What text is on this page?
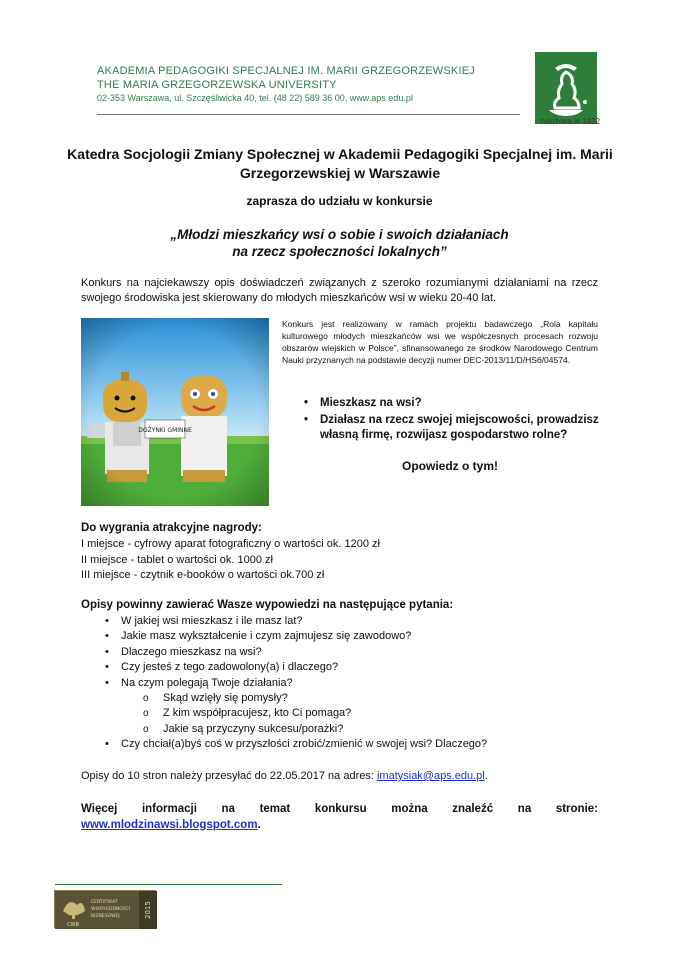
AKADEMIA PEDAGOGIKI SPECJALNEJ IM. MARII GRZEGORZEWSKIEJ
THE MARIA GRZEGORZEWSKA UNIVERSITY
02-353 Warszawa, ul. Szczęśliwicka 40, tel. (48 22) 589 36 00, www.aps.edu.pl
założona w 1922
Katedra Socjologii Zmiany Społecznej w Akademii Pedagogiki Specjalnej im. Marii Grzegorzewskiej w Warszawie
zaprasza do udziału w konkursie
„Młodzi mieszkańcy wsi o sobie i swoich działaniach
na rzecz społeczności lokalnych”

Konkurs na najciekawszy opis doświadczeń związanych z szeroko rozumianymi działaniami na rzecz swojego środowiska jest skierowany do młodych mieszkańców wsi w wieku 20-40 lat.

Konkurs jest realizowany w ramach projektu badawczego „Rola kapitału kulturowego młodych mieszkańców wsi we współczesnych procesach rozwoju obszarów wiejskich w Polsce”, sfinansowanego ze środków Narodowego Centrum Nauki przyznanych na podstawie decyzji numer DEC-2013/11/D/HS6/04574.

• Mieszkasz na wsi?
• Działasz na rzecz swojej miejscowości, prowadzisz własną firmę, rozwijasz gospodarstwo rolne?
Opowiedz o tym!
Do wygrania atrakcyjne nagrody:
I miejsce - cyfrowy aparat fotograficzny o wartości ok. 1200 zł
II miejsce - tablet o wartości ok. 1000 zł
III miejsce - czytnik e-booków o wartości ok.700 zł
Opisy powinny zawierać Wasze wypowiedzi na następujące pytania:
• W jakiej wsi mieszkasz i ile masz lat?
• Jakie masz wykształcenie i czym zajmujesz się zawodowo?
• Dlaczego mieszkasz na wsi?
• Czy jesteś z tego zadowolony(a) i dlaczego?
• Na czym polegają Twoje działania?
o Skąd wzięły się pomysły?
o Z kim współpracujesz, kto Ci pomaga?
o Jakie są przyczyny sukcesu/porażki?
• Czy chciał(a)byś coś w przyszłości zrobić/zmienić w swojej wsi? Dlaczego?
Opisy do 10 stron należy przesyłać do 22.05.2017 na adres: imatysiak@aps.edu.pl.
Więcej informacji na temat konkursu można znaleźć na stronie:
www.mlodzinawsi.blogspot.com.
CWB
CERTYFIKAT
WIARYGODNOŚCI
BIZNESOWEJ	2015
